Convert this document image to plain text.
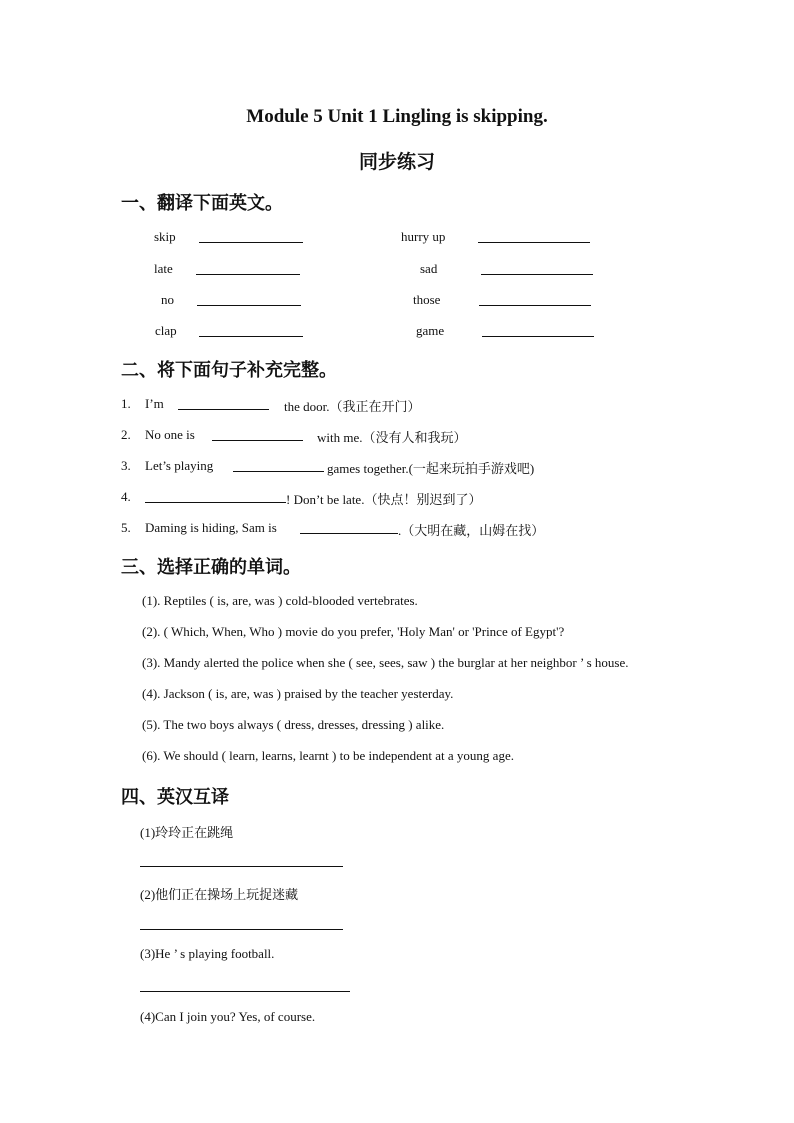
Module 5 Unit 1 Lingling is skipping.
同步练习
一、翻译下面英文。
skip	hurry up
late	sad
no	those
clap	game
二、将下面句子补充完整。
1. I’m	the door.（我正在开门）
2. No one is	with me.（没有人和我玩）
3. Let’s playing	games together.(一起来玩拍手游戏吧)
4.	! Don’t be late.（快点！别迟到了）
5. Daming is hiding, Sam is	.（大明在藏，山姆在找）
三、选择正确的单词。
(1). Reptiles ( is, are, was ) cold-blooded vertebrates.
(2). ( Which, When, Who ) movie do you prefer, 'Holy Man' or 'Prince of Egypt'?
(3). Mandy alerted the police when she ( see, sees, saw ) the burglar at her neighbor ’ s house.
(4). Jackson ( is, are, was ) praised by the teacher yesterday.
(5). The two boys always ( dress, dresses, dressing ) alike.
(6). We should ( learn, learns, learnt ) to be independent at a young age.
四、英汉互译
(1)玲玲正在跳绳
(2)他们正在操场上玩捉迷藏
(3)He ’ s playing football.
(4)Can I join you? Yes, of course.
